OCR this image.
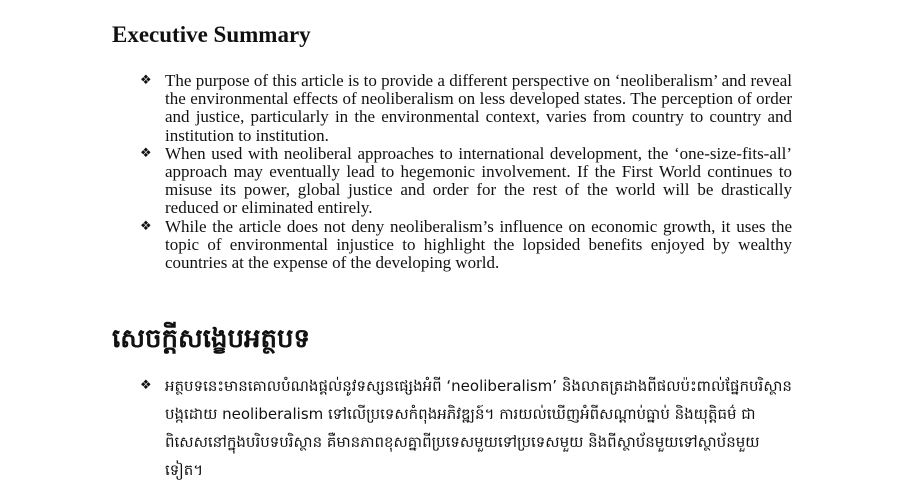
Executive Summary
❖ The purpose of this article is to provide a different perspective on ‘neoliberalism’ and reveal the environmental effects of neoliberalism on less developed states. The perception of order and justice, particularly in the environmental context, varies from country to country and institution to institution.
❖ When used with neoliberal approaches to international development, the ‘one-size-fits-all’ approach may eventually lead to hegemonic involvement. If the First World continues to misuse its power, global justice and order for the rest of the world will be drastically reduced or eliminated entirely.
❖ While the article does not deny neoliberalism’s influence on economic growth, it uses the topic of environmental injustice to highlight the lopsided benefits enjoyed by wealthy countries at the expense of the developing world.
សេចក្តីសង្ខេបអត្ថបទ
❖ អត្ថបទនេះមានគោលបំណងផ្តល់នូវទស្សនផ្សេងអំពី ‘neoliberalism’ និងលាតត្រដាងពីផលប៉ះពាល់ផ្នែកបរិស្ថានបង្កដោយ neoliberalism ទៅលើប្រទេសកំពុងអភិវឌ្ឍន៍។ ការយល់ឃើញអំពីសណ្តាប់ធ្នាប់ និងយុត្តិធម៌ ជាពិសេសនៅក្នុងបរិបទបរិស្ថាន គឺមានភាពខុសគ្នាពីប្រទេសមួយទៅប្រទេសមួយ និងពីស្ថាប័នមួយទៅស្ថាប័នមួយទៀត។
